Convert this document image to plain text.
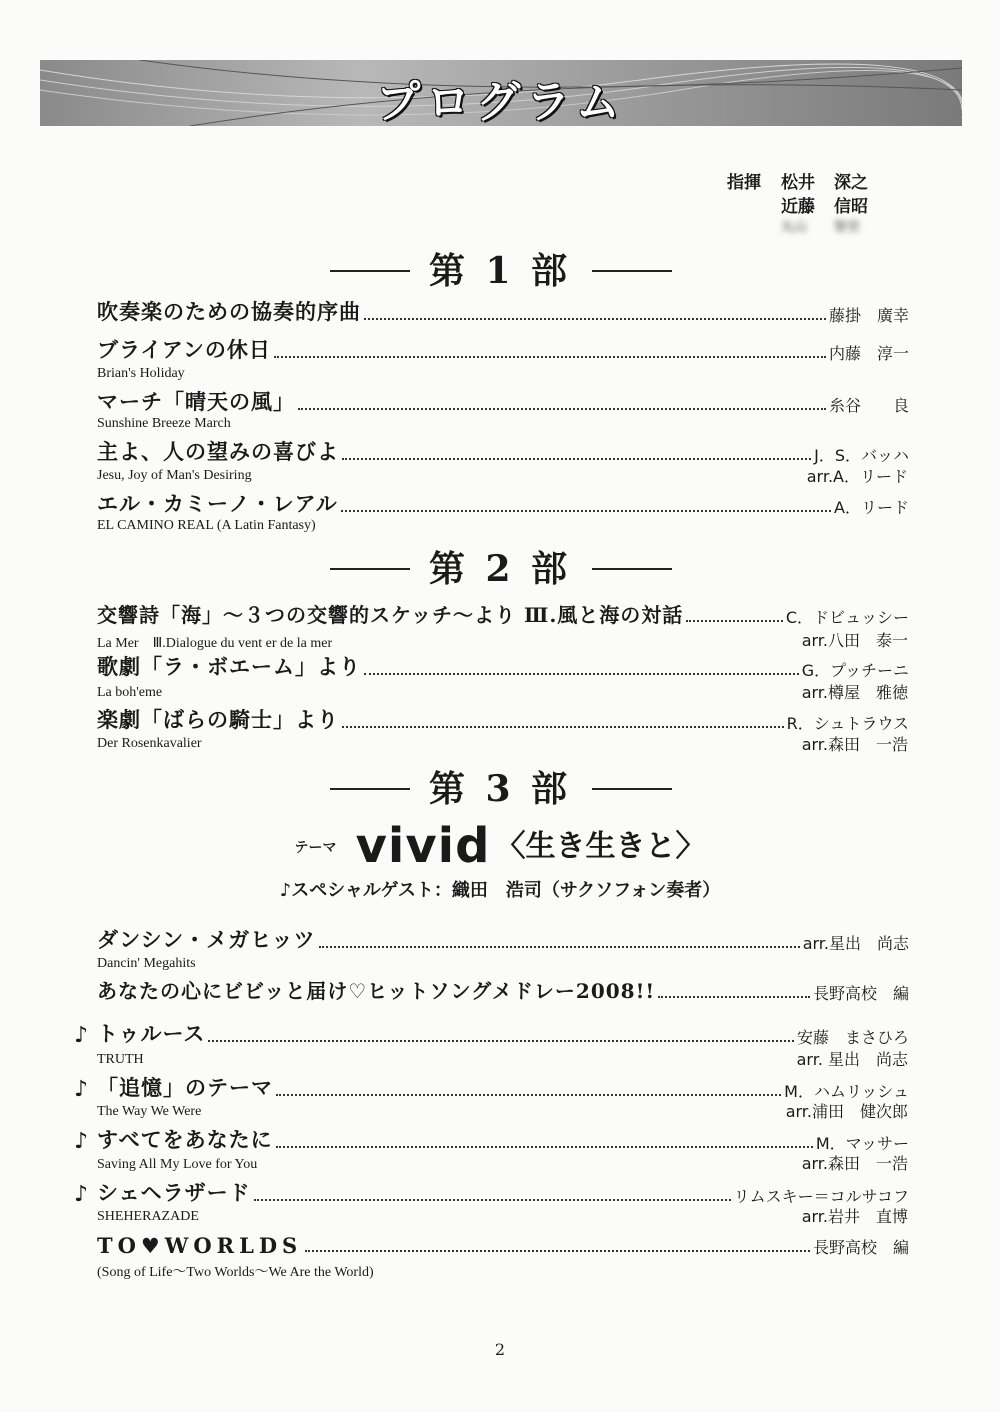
プログラム
指揮 松井 深之
近藤 信昭
丸山 智世
第 1 部
吹奏楽のための協奏的序曲	藤掛　廣幸
ブライアンの休日	内藤　淳一
Brian's Holiday
マーチ「晴天の風」	糸谷　　良
Sunshine Breeze March
主よ、人の望みの喜びよ	J．S．バッハ
Jesu, Joy of Man's Desiring	arr.A．リード
エル・カミーノ・レアル	A．リード
EL CAMINO REAL (A Latin Fantasy)
第 2 部
交響詩「海」～３つの交響的スケッチ～より Ⅲ.風と海の対話	C．ドビュッシー
La Mer　Ⅲ.Dialogue du vent er de la mer	arr.八田　泰一
歌劇「ラ・ボエーム」より	G．プッチーニ
La boh'eme	arr.樽屋　雅徳
楽劇「ばらの騎士」より	R．シュトラウス
Der Rosenkavalier	arr.森田　一浩
第 3 部
テーマ vivid 〈生き生きと〉
♪スペシャルゲスト：織田　浩司（サクソフォン奏者）
ダンシン・メガヒッツ	arr.星出　尚志
Dancin' Megahits
あなたの心にビビッと届け♡ヒットソングメドレー2008!!	長野高校　編
♪ トゥルース	安藤　まさひろ
TRUTH	arr. 星出　尚志
♪ 「追憶」のテーマ	M．ハムリッシュ
The Way We Were	arr.浦田　健次郎
♪ すべてをあなたに	M．マッサー
Saving All My Love for You	arr.森田　一浩
♪ シェヘラザード	リムスキー＝コルサコフ
SHEHERAZADE	arr.岩井　直博
TO♥WORLDS	長野高校　編
(Song of Life～Two Worlds～We Are the World)
2
